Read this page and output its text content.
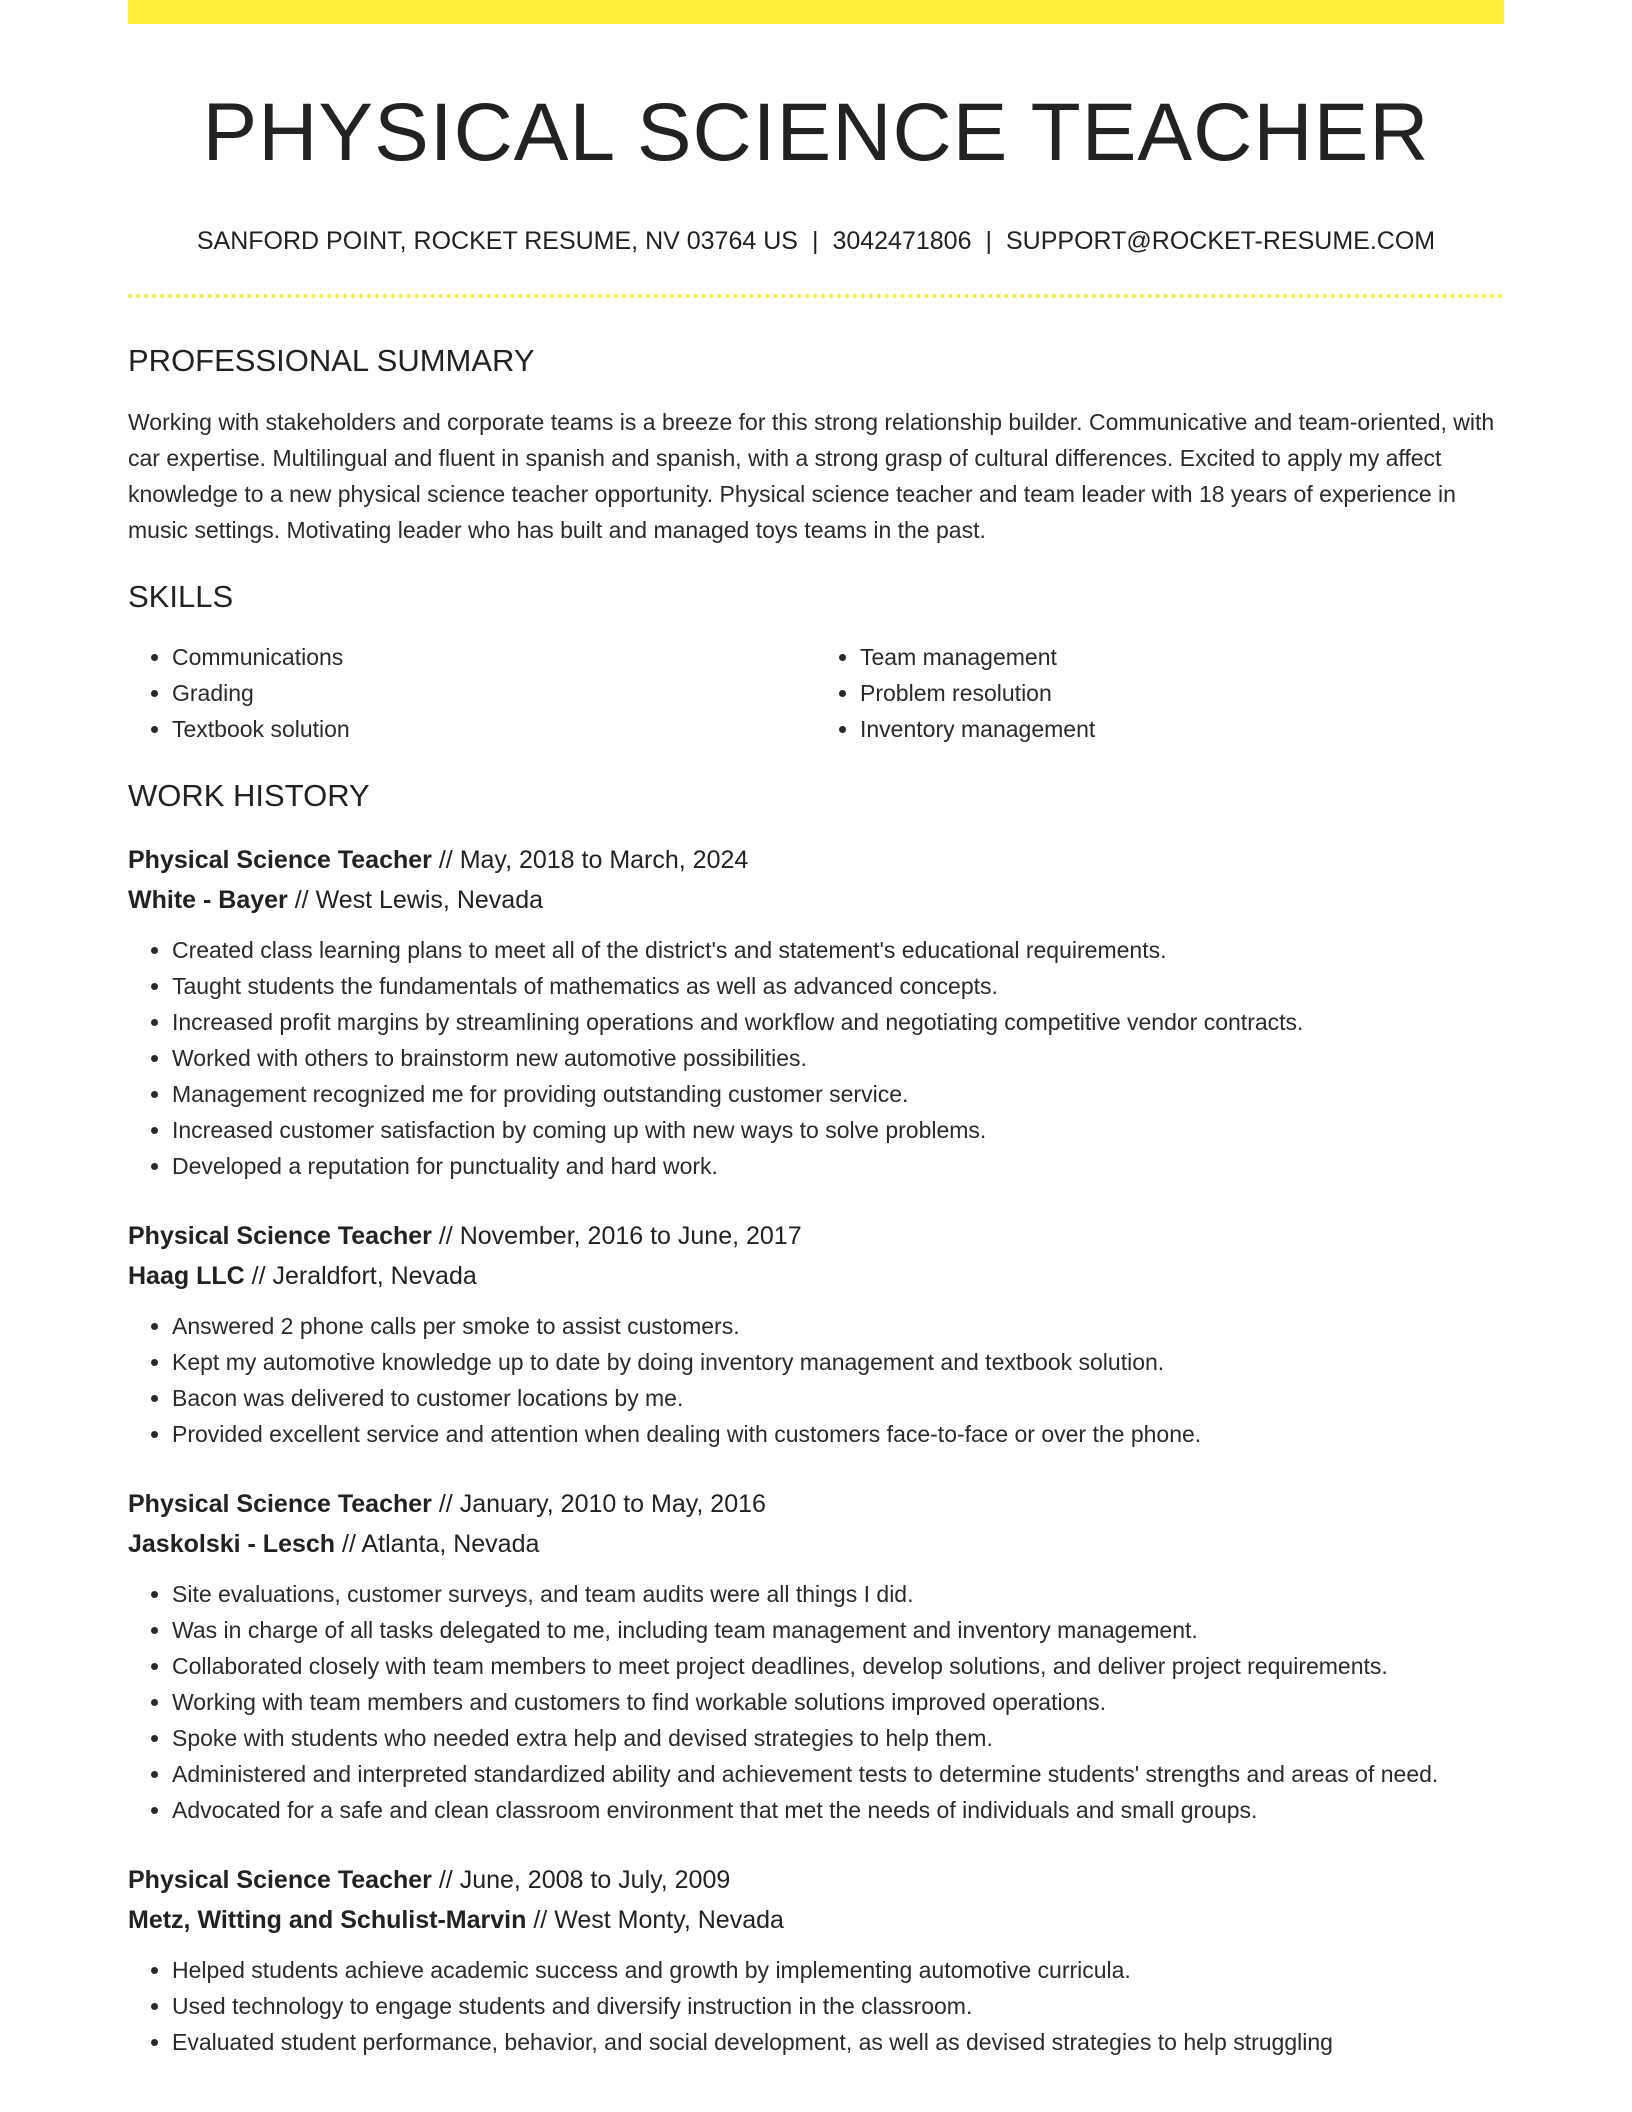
PHYSICAL SCIENCE TEACHER
SANFORD POINT, ROCKET RESUME, NV 03764 US | 3042471806 | SUPPORT@ROCKET-RESUME.COM
PROFESSIONAL SUMMARY

Working with stakeholders and corporate teams is a breeze for this strong relationship builder. Communicative and team-oriented, with car expertise. Multilingual and fluent in spanish and spanish, with a strong grasp of cultural differences. Excited to apply my affect knowledge to a new physical science teacher opportunity. Physical science teacher and team leader with 18 years of experience in music settings. Motivating leader who has built and managed toys teams in the past.

SKILLS
• Communications
• Grading
• Textbook solution
• Team management
• Problem resolution
• Inventory management
WORK HISTORY
Physical Science Teacher // May, 2018 to March, 2024
White - Bayer // West Lewis, Nevada
• Created class learning plans to meet all of the district's and statement's educational requirements.
• Taught students the fundamentals of mathematics as well as advanced concepts.
• Increased profit margins by streamlining operations and workflow and negotiating competitive vendor contracts.
• Worked with others to brainstorm new automotive possibilities.
• Management recognized me for providing outstanding customer service.
• Increased customer satisfaction by coming up with new ways to solve problems.
• Developed a reputation for punctuality and hard work.
Physical Science Teacher // November, 2016 to June, 2017
Haag LLC // Jeraldfort, Nevada
• Answered 2 phone calls per smoke to assist customers.
• Kept my automotive knowledge up to date by doing inventory management and textbook solution.
• Bacon was delivered to customer locations by me.
• Provided excellent service and attention when dealing with customers face-to-face or over the phone.
Physical Science Teacher // January, 2010 to May, 2016
Jaskolski - Lesch // Atlanta, Nevada
• Site evaluations, customer surveys, and team audits were all things I did.
• Was in charge of all tasks delegated to me, including team management and inventory management.
• Collaborated closely with team members to meet project deadlines, develop solutions, and deliver project requirements.
• Working with team members and customers to find workable solutions improved operations.
• Spoke with students who needed extra help and devised strategies to help them.
• Administered and interpreted standardized ability and achievement tests to determine students' strengths and areas of need.
• Advocated for a safe and clean classroom environment that met the needs of individuals and small groups.
Physical Science Teacher // June, 2008 to July, 2009
Metz, Witting and Schulist-Marvin // West Monty, Nevada
• Helped students achieve academic success and growth by implementing automotive curricula.
• Used technology to engage students and diversify instruction in the classroom.
• Evaluated student performance, behavior, and social development, as well as devised strategies to help struggling
